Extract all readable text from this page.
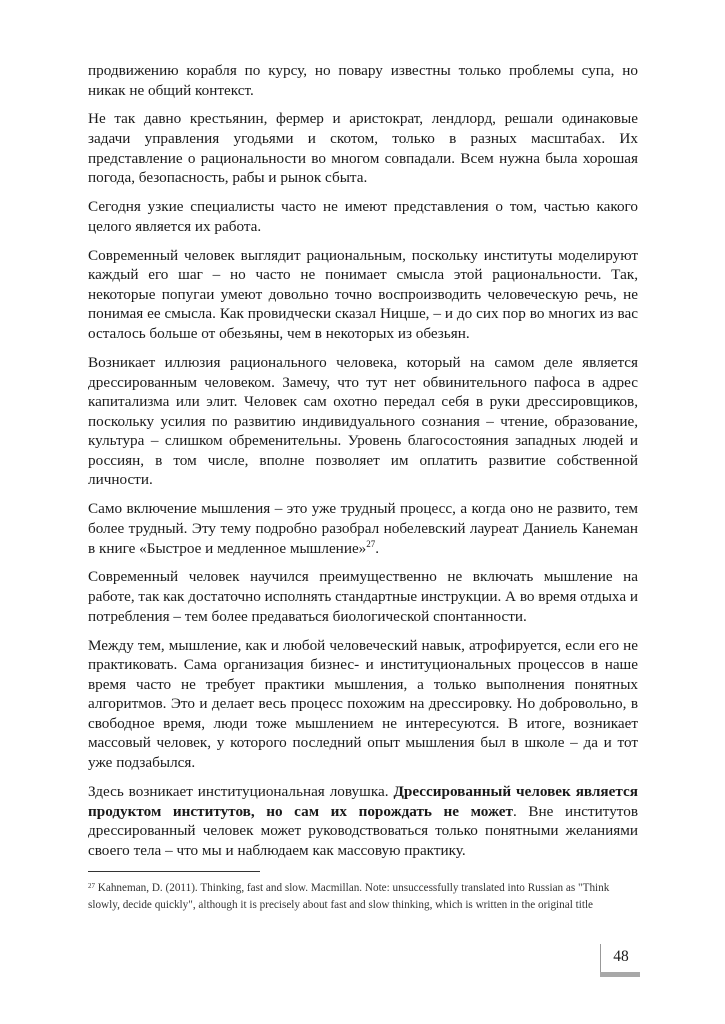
продвижению корабля по курсу, но повару известны только проблемы супа, но никак не общий контекст.

Не так давно крестьянин, фермер и аристократ, лендлорд, решали одинаковые задачи управления угодьями и скотом, только в разных масштабах. Их представление о рациональности во многом совпадали. Всем нужна была хорошая погода, безопасность, рабы и рынок сбыта.

Сегодня узкие специалисты часто не имеют представления о том, частью какого целого является их работа.

Современный человек выглядит рациональным, поскольку институты моделируют каждый его шаг – но часто не понимает смысла этой рациональности. Так, некоторые попугаи умеют довольно точно воспроизводить человеческую речь, не понимая ее смысла. Как провидчески сказал Ницше, – и до сих пор во многих из вас осталось больше от обезьяны, чем в некоторых из обезьян.

Возникает иллюзия рационального человека, который на самом деле является дрессированным человеком. Замечу, что тут нет обвинительного пафоса в адрес капитализма или элит. Человек сам охотно передал себя в руки дрессировщиков, поскольку усилия по развитию индивидуального сознания – чтение, образование, культура – слишком обременительны. Уровень благосостояния западных людей и россиян, в том числе, вполне позволяет им оплатить развитие собственной личности.

Само включение мышления – это уже трудный процесс, а когда оно не развито, тем более трудный. Эту тему подробно разобрал нобелевский лауреат Даниель Канеман в книге «Быстрое и медленное мышление»$^{27}$.

Современный человек научился преимущественно не включать мышление на работе, так как достаточно исполнять стандартные инструкции. А во время отдыха и потребления – тем более предаваться биологической спонтанности.

Между тем, мышление, как и любой человеческий навык, атрофируется, если его не практиковать. Сама организация бизнес- и институциональных процессов в наше время часто не требует практики мышления, а только выполнения понятных алгоритмов. Это и делает весь процесс похожим на дрессировку. Но добровольно, в свободное время, люди тоже мышлением не интересуются. В итоге, возникает массовый человек, у которого последний опыт мышления был в школе – да и тот уже подзабылся.

Здесь возникает институциональная ловушка. Дрессированный человек является продуктом институтов, но сам их порождать не может. Вне институтов дрессированный человек может руководствоваться только понятными желаниями своего тела – что мы и наблюдаем как массовую практику.

$^{27}$ Kahneman, D. (2011). Thinking, fast and slow. Macmillan. Note: unsuccessfully translated into Russian as "Think slowly, decide quickly", although it is precisely about fast and slow thinking, which is written in the original title
48
